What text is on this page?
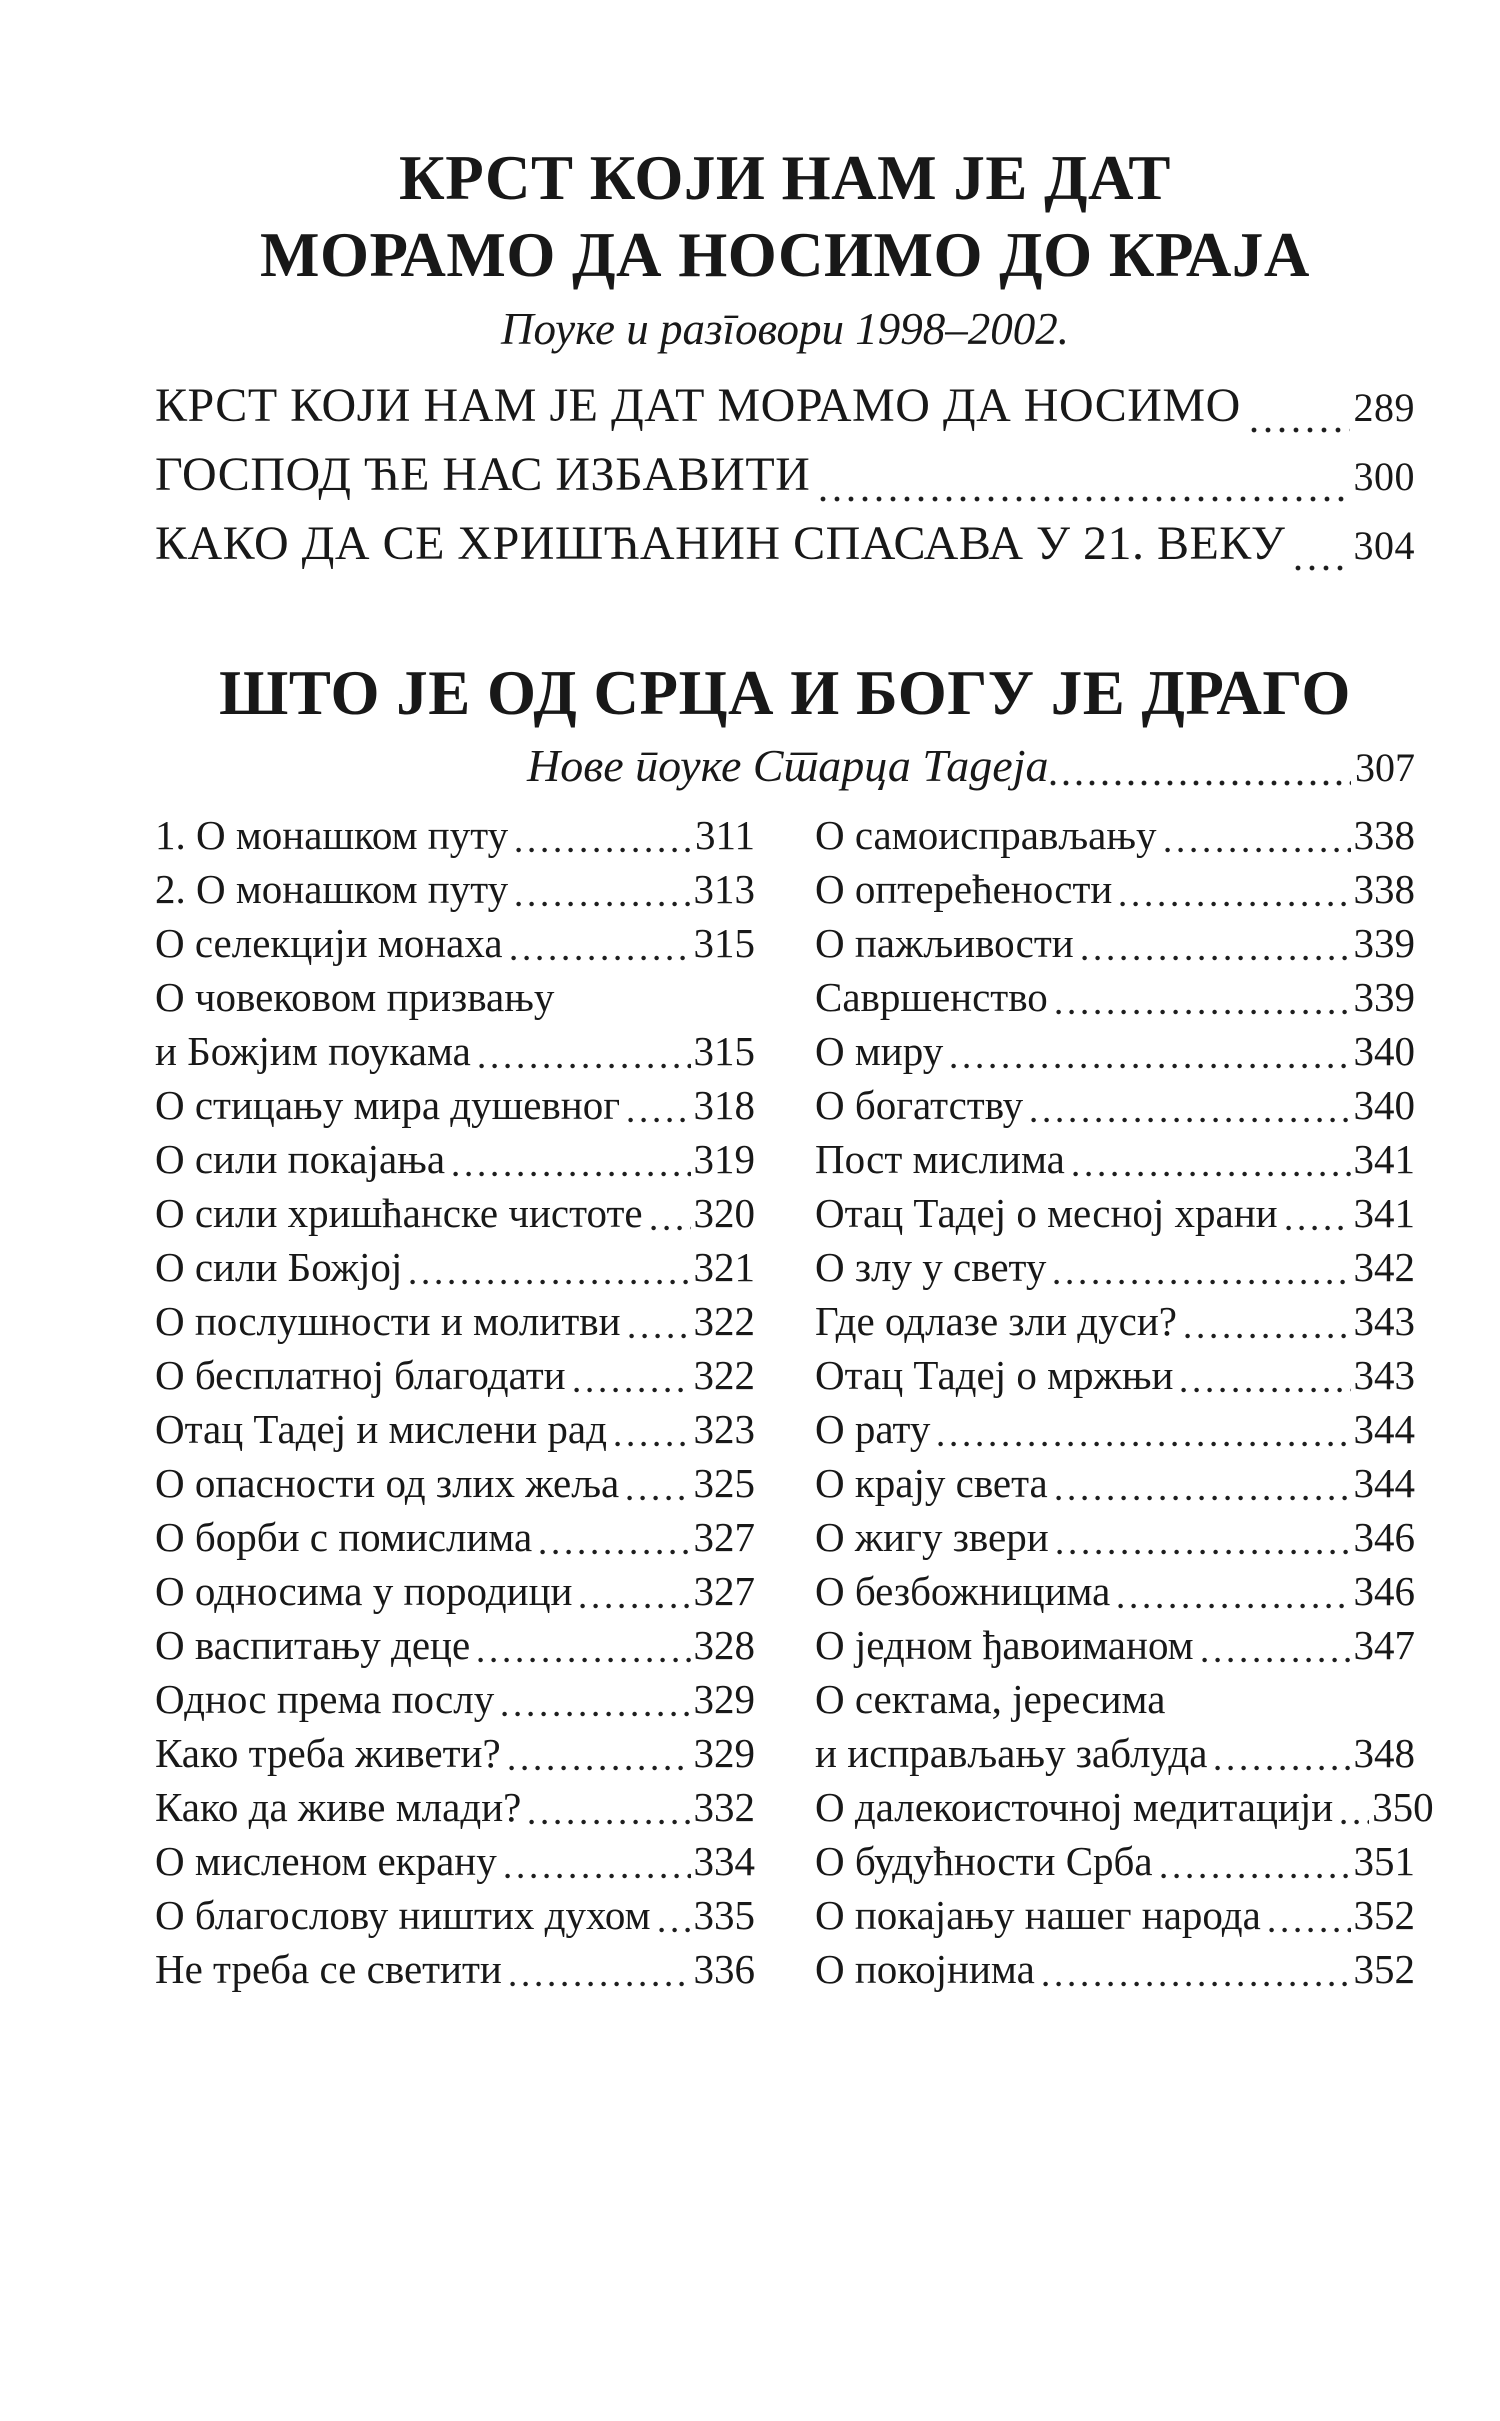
КРСТ КОЈИ НАМ ЈЕ ДАТ
МОРАМО ДА НОСИМО ДО КРАЈА

Поуке и разговори 1998–2002.

КРСТ КОЈИ НАМ ЈЕ ДАТ МОРАМО ДА НОСИМО	289
ГОСПОД ЋЕ НАС ИЗБАВИТИ	300
КАКО ДА СЕ ХРИШЋАНИН СПАСАВА У 21. ВЕКУ 304
ШТО ЈЕ ОД СРЦА И БОГУ ЈЕ ДРАГО
Нове поуке Старца Тадеја	307
1. О монашком путу	311
2. О монашком путу	313
О селекцији монаха	315
О човековом призвању
и Божјим поукама	315
О стицању мира душевног 318
О сили покајања	319
О сили хришћанске чистоте 320
О сили Божјој	321
О послушности и молитви 322
О бесплатној благодати	322
Отац Тадеј и мислени рад 323
О опасности од злих жеља 325
О борби с помислима	327
О односима у породици	327
О васпитању деце	328
Однос према послу	329
Како треба живети?	329
Како да живе млади?	332
О мисленом екрану	334
О благослову ништих духом 335
Не треба се светити	336
О самоисправљању	338
О оптерећености	338
О пажљивости	339
Савршенство	339
О миру	340
О богатству	340
Пост мислима	341
Отац Тадеј о месној храни 341
О злу у свету	342
Где одлазе зли дуси?	343
Отац Тадеј о мржњи	343
О рату	344
О крају света	344
О жигу звери	346
О безбожницима	346
О једном ђавоиманом	347
О сектама, јересима
и исправљању заблуда	348
О далекоисточној медитацији 350
О будућности Срба	351
О покајању нашег народа 352
О покојнима	352
